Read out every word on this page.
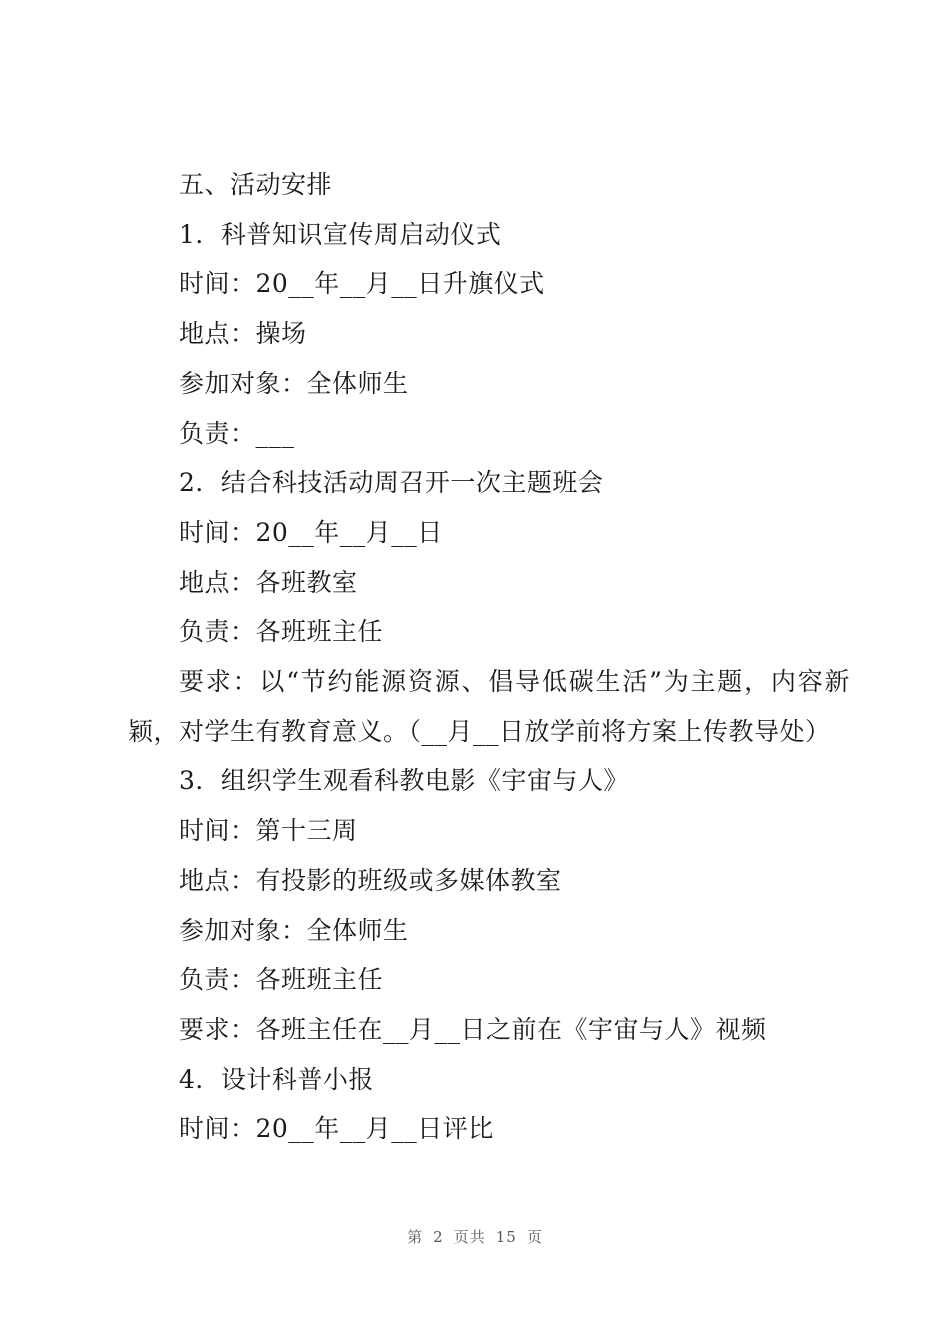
五、活动安排
1．科普知识宣传周启动仪式
时间：20__年__月__日升旗仪式
地点：操场
参加对象：全体师生
负责：___
2．结合科技活动周召开一次主题班会
时间：20__年__月__日
地点：各班教室
负责：各班班主任
要求：以“节约能源资源、倡导低碳生活”为主题，内容新颖，对学生有教育意义。（__月__日放学前将方案上传教导处）
3．组织学生观看科教电影《宇宙与人》
时间：第十三周
地点：有投影的班级或多媒体教室
参加对象：全体师生
负责：各班班主任
要求：各班主任在__月__日之前在《宇宙与人》视频
4．设计科普小报
时间：20__年__月__日评比
第 2 页共 15 页
